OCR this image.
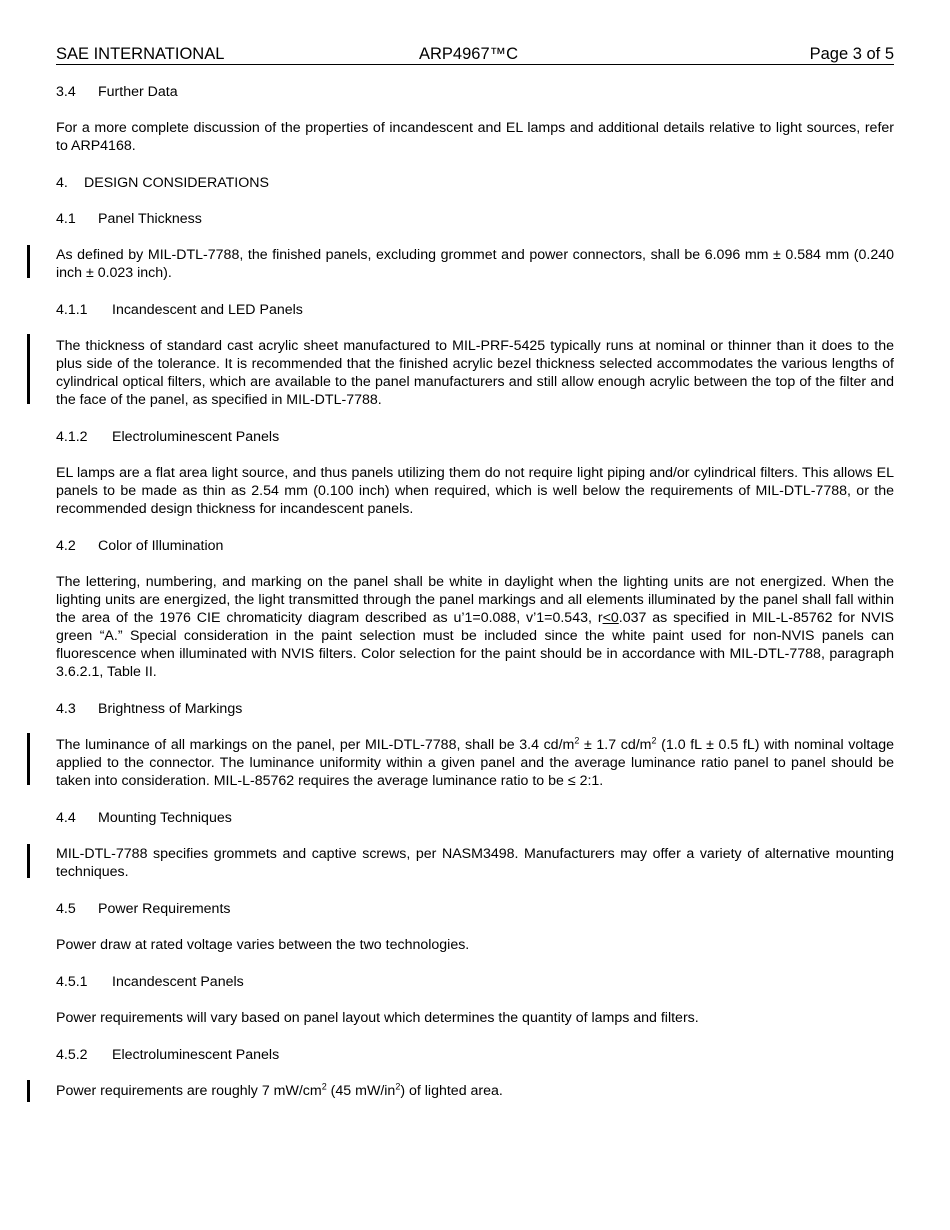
SAE INTERNATIONAL	ARP4967™C	Page 3 of 5
3.4 Further Data

For a more complete discussion of the properties of incandescent and EL lamps and additional details relative to light sources, refer to ARP4168.

4. DESIGN CONSIDERATIONS
4.1 Panel Thickness

As defined by MIL-DTL-7788, the finished panels, excluding grommet and power connectors, shall be 6.096 mm ± 0.584 mm (0.240 inch ± 0.023 inch).

4.1.1 Incandescent and LED Panels

The thickness of standard cast acrylic sheet manufactured to MIL-PRF-5425 typically runs at nominal or thinner than it does to the plus side of the tolerance. It is recommended that the finished acrylic bezel thickness selected accommodates the various lengths of cylindrical optical filters, which are available to the panel manufacturers and still allow enough acrylic between the top of the filter and the face of the panel, as specified in MIL-DTL-7788.

4.1.2 Electroluminescent Panels

EL lamps are a flat area light source, and thus panels utilizing them do not require light piping and/or cylindrical filters. This allows EL panels to be made as thin as 2.54 mm (0.100 inch) when required, which is well below the requirements of MIL-DTL-7788, or the recommended design thickness for incandescent panels.

4.2 Color of Illumination

The lettering, numbering, and marking on the panel shall be white in daylight when the lighting units are not energized. When the lighting units are energized, the light transmitted through the panel markings and all elements illuminated by the panel shall fall within the area of the 1976 CIE chromaticity diagram described as u’1=0.088, v’1=0.543, r<0.037 as specified in MIL-L-85762 for NVIS green “A.” Special consideration in the paint selection must be included since the white paint used for non-NVIS panels can fluorescence when illuminated with NVIS filters. Color selection for the paint should be in accordance with MIL-DTL-7788, paragraph 3.6.2.1, Table II.

4.3 Brightness of Markings

The luminance of all markings on the panel, per MIL-DTL-7788, shall be 3.4 $cd/m^2 \pm 1.7$ $cd/m^2$ (1.0 fL ± 0.5 fL) with nominal voltage applied to the connector. The luminance uniformity within a given panel and the average luminance ratio panel to panel should be taken into consideration. MIL-L-85762 requires the average luminance ratio to be ≤ 2:1.

4.4 Mounting Techniques

MIL-DTL-7788 specifies grommets and captive screws, per NASM3498. Manufacturers may offer a variety of alternative mounting techniques.

4.5 Power Requirements

Power draw at rated voltage varies between the two technologies.

4.5.1 Incandescent Panels

Power requirements will vary based on panel layout which determines the quantity of lamps and filters.

4.5.2 Electroluminescent Panels

Power requirements are roughly 7 $mW/cm^2$ (45 $mW/in^2$) of lighted area.
